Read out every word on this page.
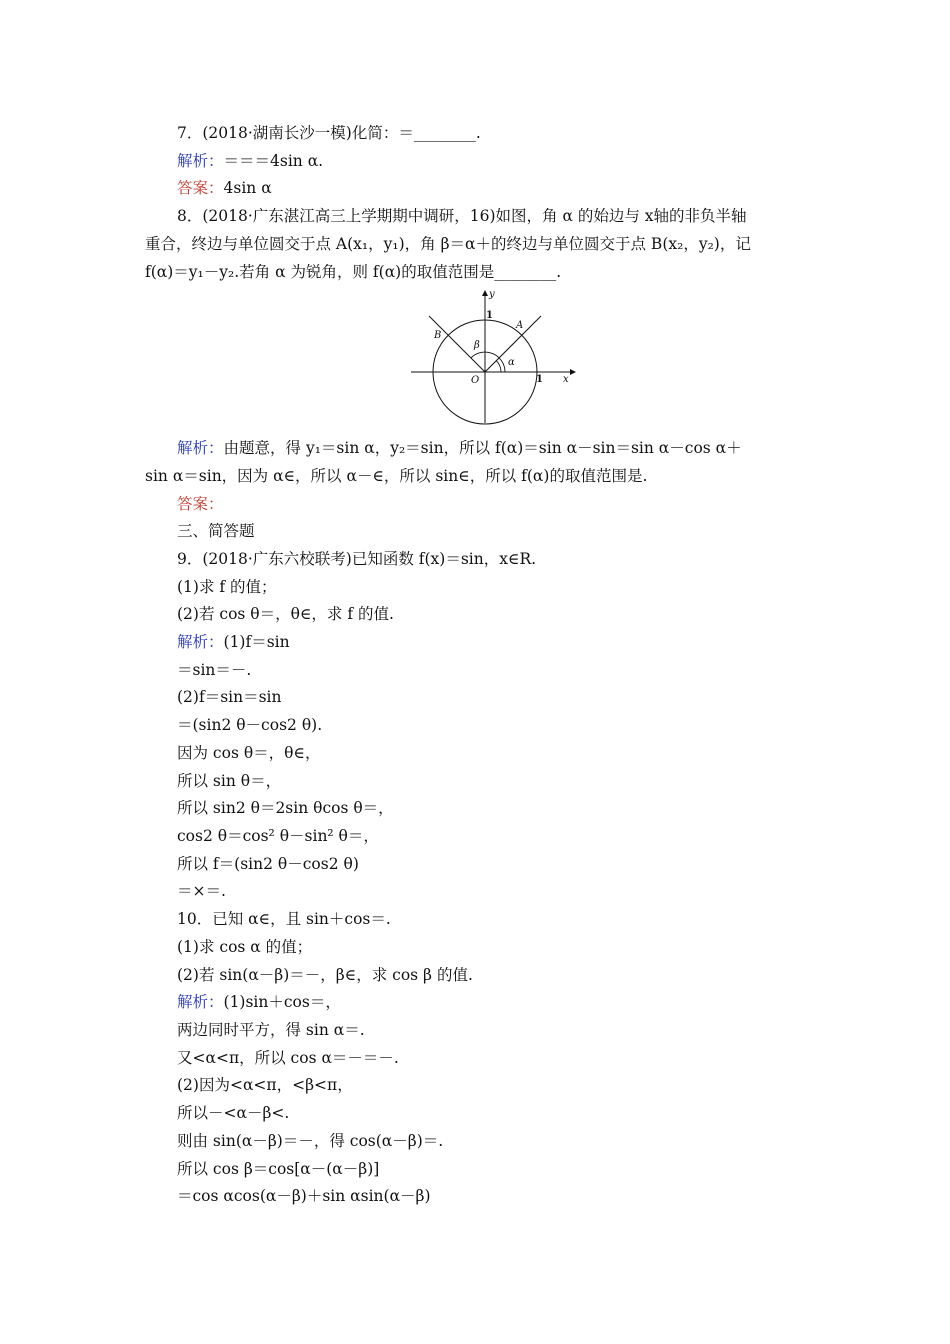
7．(2018·湖南长沙一模)化简：＝________.
解析：＝＝＝4sin α.
答案：4sin α
8．(2018·广东湛江高三上学期期中调研，16)如图，角 α 的始边与 x轴的非负半轴
重合，终边与单位圆交于点 A(x₁，y₁)，角 β＝α＋的终边与单位圆交于点 B(x₂，y₂)，记
f(α)＝y₁－y₂.若角 α 为锐角，则 f(α)的取值范围是________.
y
x
O	1
1
A
B
α
β
解析：由题意，得 y₁＝sin α，y₂＝sin，所以 f(α)＝sin α－sin＝sin α－cos α＋
sin α＝sin，因为 α∈，所以 α－∈，所以 sin∈，所以 f(α)的取值范围是.
答案：
三、简答题
9．(2018·广东六校联考)已知函数 f(x)＝sin，x∈R.
(1)求 f 的值；
(2)若 cos θ＝，θ∈，求 f 的值.
解析：(1)f＝sin
＝sin＝－.
(2)f＝sin＝sin
＝(sin2 θ－cos2 θ).
因为 cos θ＝，θ∈，
所以 sin θ＝，
所以 sin2 θ＝2sin θcos θ＝，
cos2 θ＝cos² θ－sin² θ＝，
所以 f＝(sin2 θ－cos2 θ)
＝×＝.
10．已知 α∈，且 sin＋cos＝.
(1)求 cos α 的值；
(2)若 sin(α－β)＝－，β∈，求 cos β 的值.
解析：(1)sin＋cos＝，
两边同时平方，得 sin α＝.
又<α<π，所以 cos α＝－＝－.
(2)因为<α<π，<β<π，
所以－<α－β<.
则由 sin(α－β)＝－，得 cos(α－β)＝.
所以 cos β＝cos[α－(α－β)]
＝cos αcos(α－β)＋sin αsin(α－β)
